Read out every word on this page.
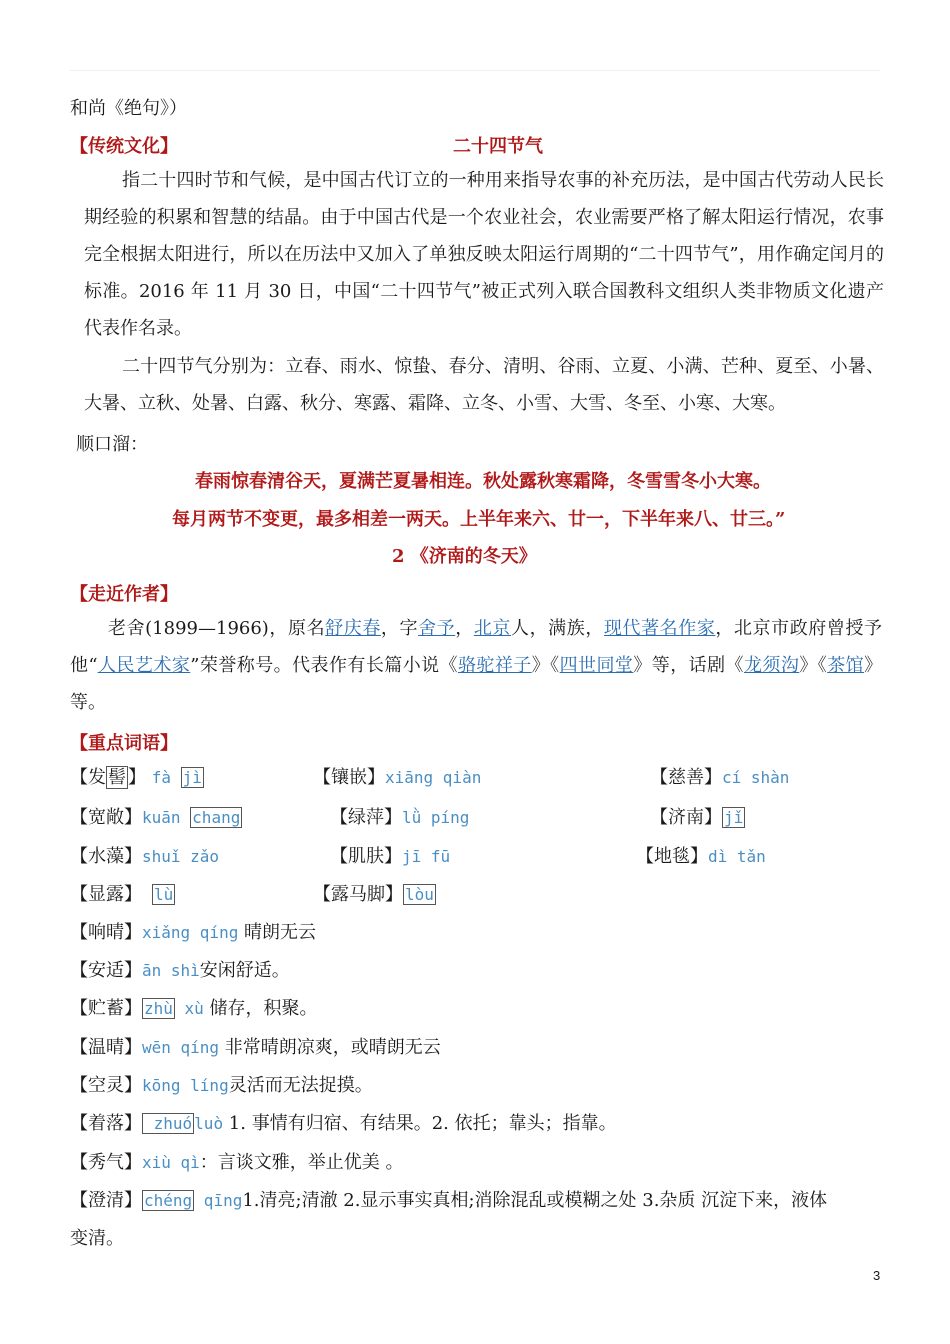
和尚《绝句》）
【传统文化】	二十四节气
指二十四时节和气候，是中国古代订立的一种用来指导农事的补充历法，是中国古代劳动人民长期经验的积累和智慧的结晶。由于中国古代是一个农业社会，农业需要严格了解太阳运行情况，农事完全根据太阳进行，所以在历法中又加入了单独反映太阳运行周期的“二十四节气”，用作确定闰月的标准。2016 年 11 月 30 日，中国“二十四节气”被正式列入联合国教科文组织人类非物质文化遗产代表作名录。
二十四节气分别为：立春、雨水、惊蛰、春分、清明、谷雨、立夏、小满、芒种、夏至、小暑、大暑、立秋、处暑、白露、秋分、寒露、霜降、立冬、小雪、大雪、冬至、小寒、大寒。
顺口溜：
春雨惊春清谷天，夏满芒夏暑相连。秋处露秋寒霜降，冬雪雪冬小大寒。
每月两节不变更，最多相差一两天。上半年来六、廿一，下半年来八、廿三。”
2 《济南的冬天》
【走近作者】
老舍(1899—1966)，原名舒庆春，字舍予，北京人，满族，现代著名作家，北京市政府曾授予他“人民艺术家”荣誉称号。代表作有长篇小说《骆驼祥子》《四世同堂》等，话剧《龙须沟》《茶馆》等。
【重点词语】
【发 髻 】 fà jì	【镶嵌】xiāng qiàn	【慈善】cí shàn
【宽敞】kuān chang	【绿萍】lǜ píng	【济南】 jǐ
【水藻】shuǐ zǎo	【肌肤】jī fū	【地毯】dì tǎn
【显露】 lù	【露马脚】 lòu
【响晴】xiǎng qíng 晴朗无云
【安适】ān shì安闲舒适。
【贮蓄】 zhù xù 储存，积聚。
【温晴】wēn qíng 非常晴朗凉爽，或晴朗无云
【空灵】kōng líng灵活而无法捉摸。
【着落】 zhuó luò 1. 事情有归宿、有结果。2. 依托；靠头；指靠。
【秀气】xiù qì：言谈文雅，举止优美 。
【澄清】 chéng qīng1.清亮;清澈 2.显示事实真相;消除混乱或模糊之处 3.杂质 沉淀下来，液体
变清。
3
